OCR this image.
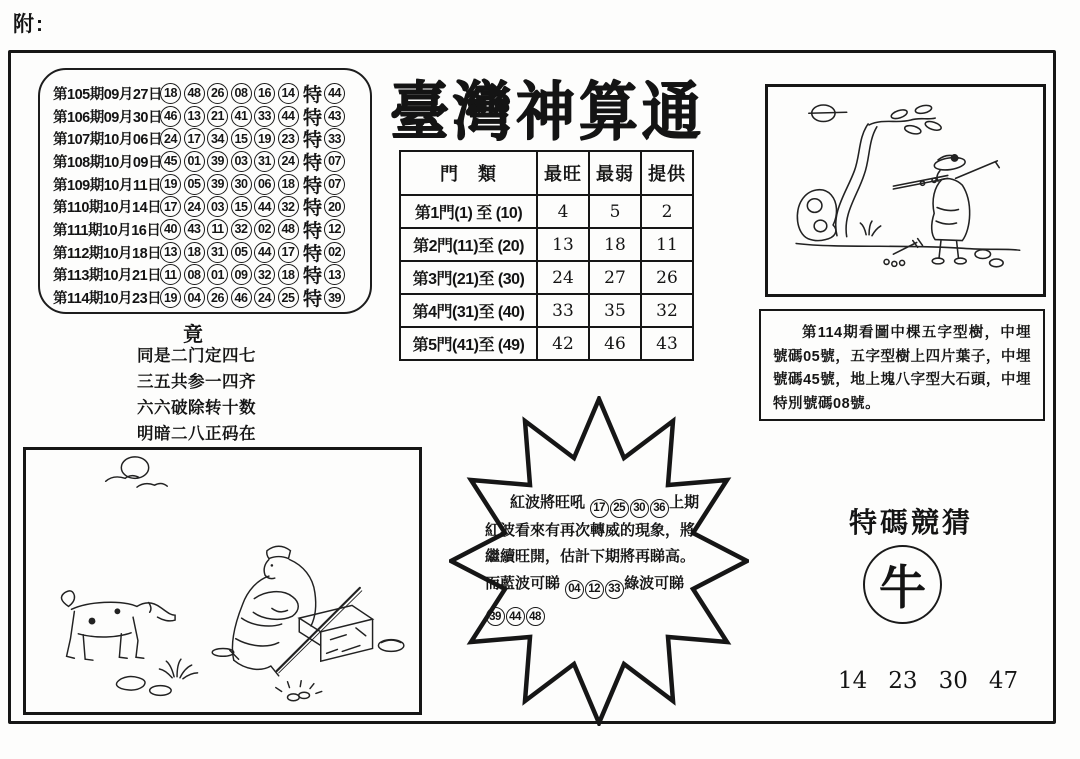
附:
第105期09月27日 18 48 26 08 16 14 特 44
第106期09月30日 46 13 21 41 33 44 特 43
第107期10月06日 24 17 34 15 19 23 特 33
第108期10月09日 45 01 39 03 31 24 特 07
第109期10月11日 19 05 39 30 06 18 特 07
第110期10月14日 17 24 03 15 44 32 特 20
第111期10月16日 40 43 11 32 02 48 特 12
第112期10月18日 13 18 31 05 44 17 特 02
第113期10月21日 11 08 01 09 32 18 特 13
第114期10月23日 19 04 26 46 24 25 特 39
臺灣神算通
門　類	最旺	最弱	提供
第1門(1) 至 (10)	4	5	2
第2門(11)至 (20)	13	18	11
第3門(21)至 (30)	24	27	26
第4門(31)至 (40)	33	35	32
第5門(41)至 (49)	42	46	43
第114期看圖中棵五字型樹，中埋號碼05號，五字型樹上四片葉子，中埋號碼45號，地上塊八字型大石頭，中埋特別號碼08號。
竟
同是二门定四七
三五共参一四齐
六六破除转十数
明暗二八正码在
紅波將旺吼 17 25 30 36 上期紅波看來有再次轉威的現象，將繼續旺開，估計下期將再睇高。而藍波可睇 04 12 33 綠波可睇 39 44 48
特碼競猜
牛
14 23 30 47
